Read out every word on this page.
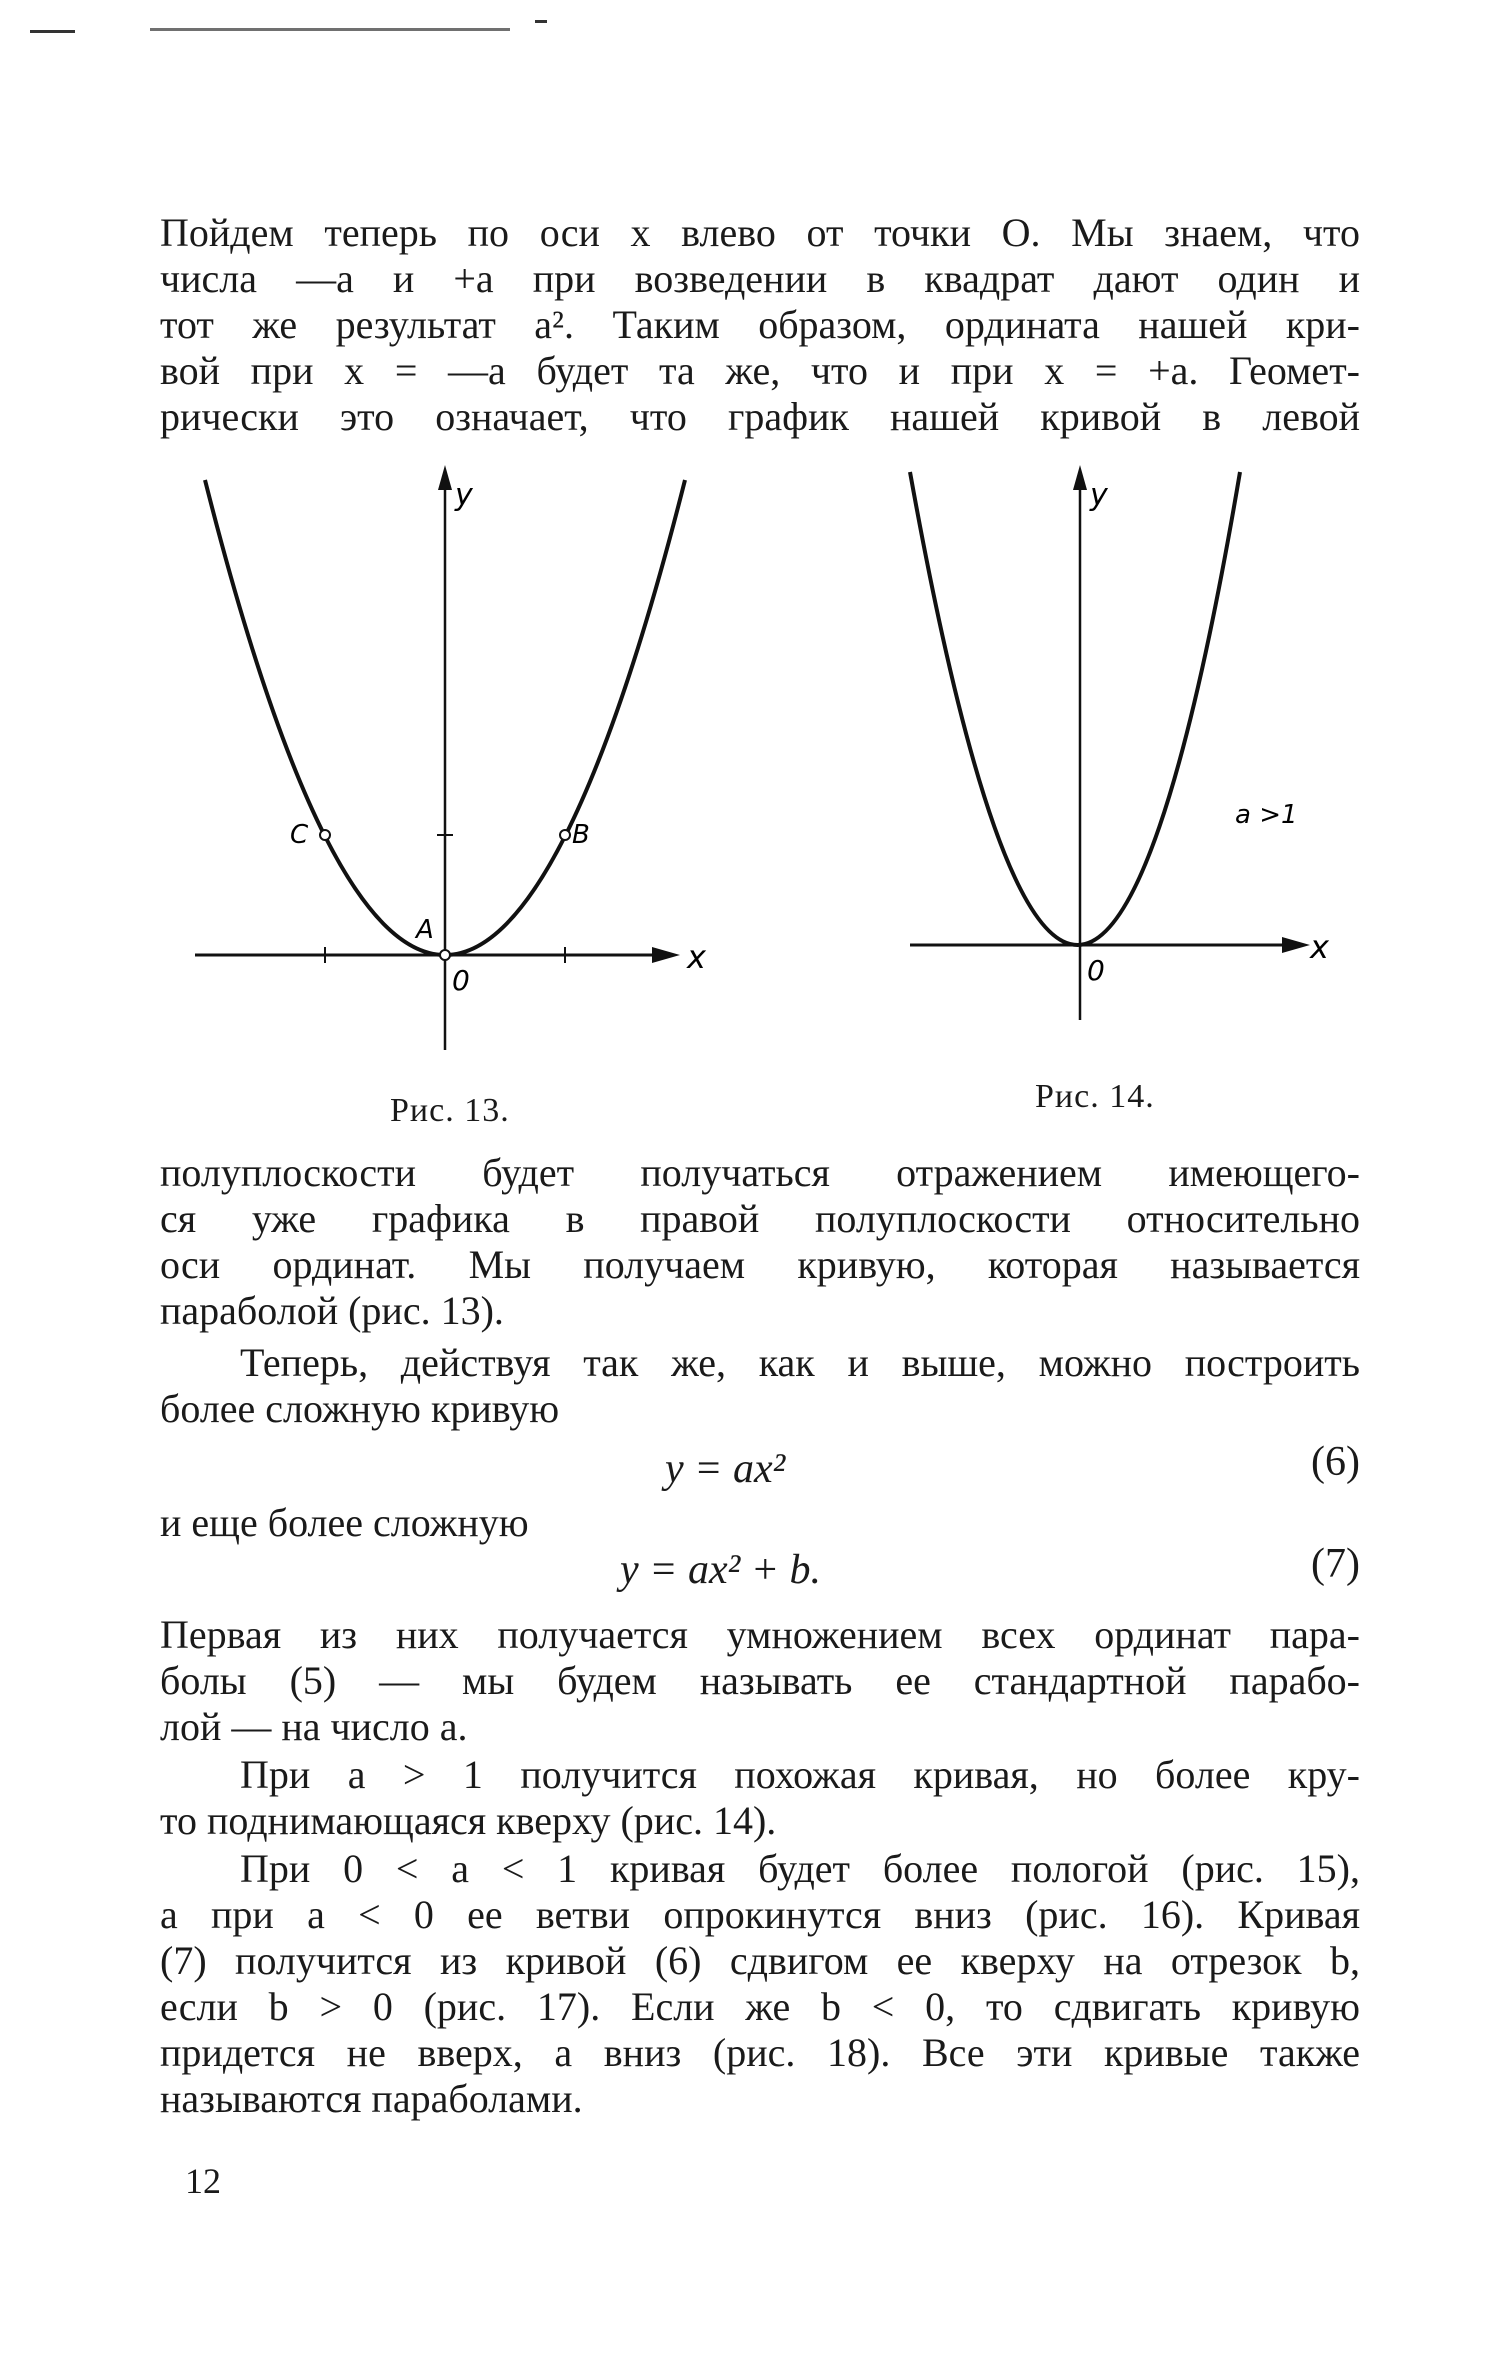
Пойдем теперь по оси x влево от точки O. Мы знаем, что
числа —a и +a при возведении в квадрат дают один и
тот же результат a². Таким образом, ордината нашей кри-
вой при x = —a будет та же, что и при x = +a. Геомет-
рически это означает, что график нашей кривой в левой

y
x
0
A
B
C
Рис. 13.
y
x
0
a >1
Рис. 14.

полуплоскости будет получаться отражением имеющего-
ся уже графика в правой полуплоскости относительно
оси ординат. Мы получаем кривую, которая называется
параболой (рис. 13).

Теперь, действуя так же, как и выше, можно построить
более сложную кривую

y = ax²	(6)
и еще более сложную
y = ax² + b.	(7)

Первая из них получается умножением всех ординат пара-
болы (5) — мы будем называть ее стандартной парабо-
лой — на число a.

При a > 1 получится похожая кривая, но более кру-
то поднимающаяся кверху (рис. 14).

При 0 < a < 1 кривая будет более пологой (рис. 15),
а при a < 0 ее ветви опрокинутся вниз (рис. 16). Кривая
(7) получится из кривой (6) сдвигом ее кверху на отрезок b,
если b > 0 (рис. 17). Если же b < 0, то сдвигать кривую
придется не вверх, а вниз (рис. 18). Все эти кривые также
называются параболами.

12
